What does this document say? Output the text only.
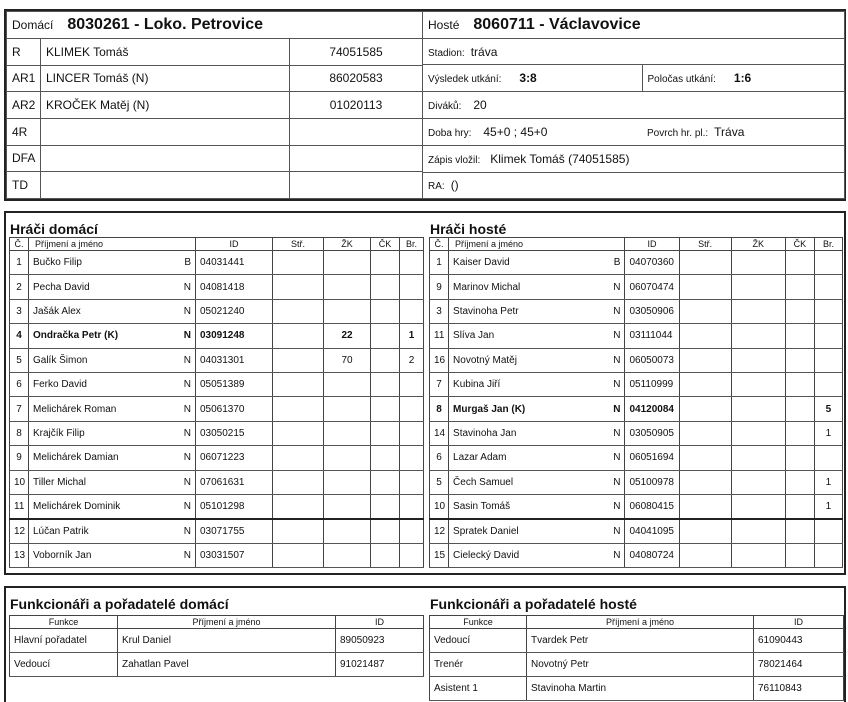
Domácí 8030261 - Loko. Petrovice	Hosté 8060711 - Václavovice
R	KLIMEK Tomáš	74051585		Stadion: tráva
Výsledek utkání: 3:8	Poločas utkání: 1:6
Diváků: 20
Doba hry: 45+0 ; 45+0	Povrch hr. pl.: Tráva
Zápis vložil: Klimek Tomáš (74051585)
RA: ()

AR1	LINCER Tomáš (N)	86020583
AR2	KROČEK Matěj (N)	01020113
4R		
DFA		
TD		
Hráči domácí
Č.	Příjmení a jméno	ID	Stř.	ŽK	ČK	Br.
1	Bučko Filip B	04031441				
2	Pecha David N	04081418				
3	Jašák Alex N	05021240				
4	Ondračka Petr (K) N	03091248		22		1
5	Galík Šimon N	04031301		70		2
6	Ferko David N	05051389				
7	Melichárek Roman N	05061370				
8	Krajčík Filip N	03050215				
9	Melichárek Damian N	06071223				
10	Tiller Michal N	07061631				
11	Melichárek Dominik N	05101298				
12	Lúčan Patrik N	03071755				
13	Voborník Jan N	03031507				
Hráči hosté
Č.	Příjmení a jméno	ID	Stř.	ŽK	ČK	Br.
1	Kaiser David B	04070360				
9	Marinov Michal N	06070474				
3	Stavinoha Petr N	03050906				
11	Slíva Jan N	03111044				
16	Novotný Matěj N	06050073				
7	Kubina Jiří N	05110999				
8	Murgaš Jan (K) N	04120084				5
14	Stavinoha Jan N	03050905				1
6	Lazar Adam N	06051694				
5	Čech Samuel N	05100978				1
10	Sasin Tomáš N	06080415				1
12	Spratek Daniel N	04041095				
15	Cielecký David N	04080724				
Funkcionáři a pořadatelé domácí
Funkce	Příjmení a jméno	ID
Hlavní pořadatel	Krul Daniel	89050923
Vedoucí	Zahatlan Pavel	91021487
Funkcionáři a pořadatelé hosté
Funkce	Příjmení a jméno	ID
Vedoucí	Tvardek Petr	61090443
Trenér	Novotný Petr	78021464
Asistent 1	Stavinoha Martin	76110843
